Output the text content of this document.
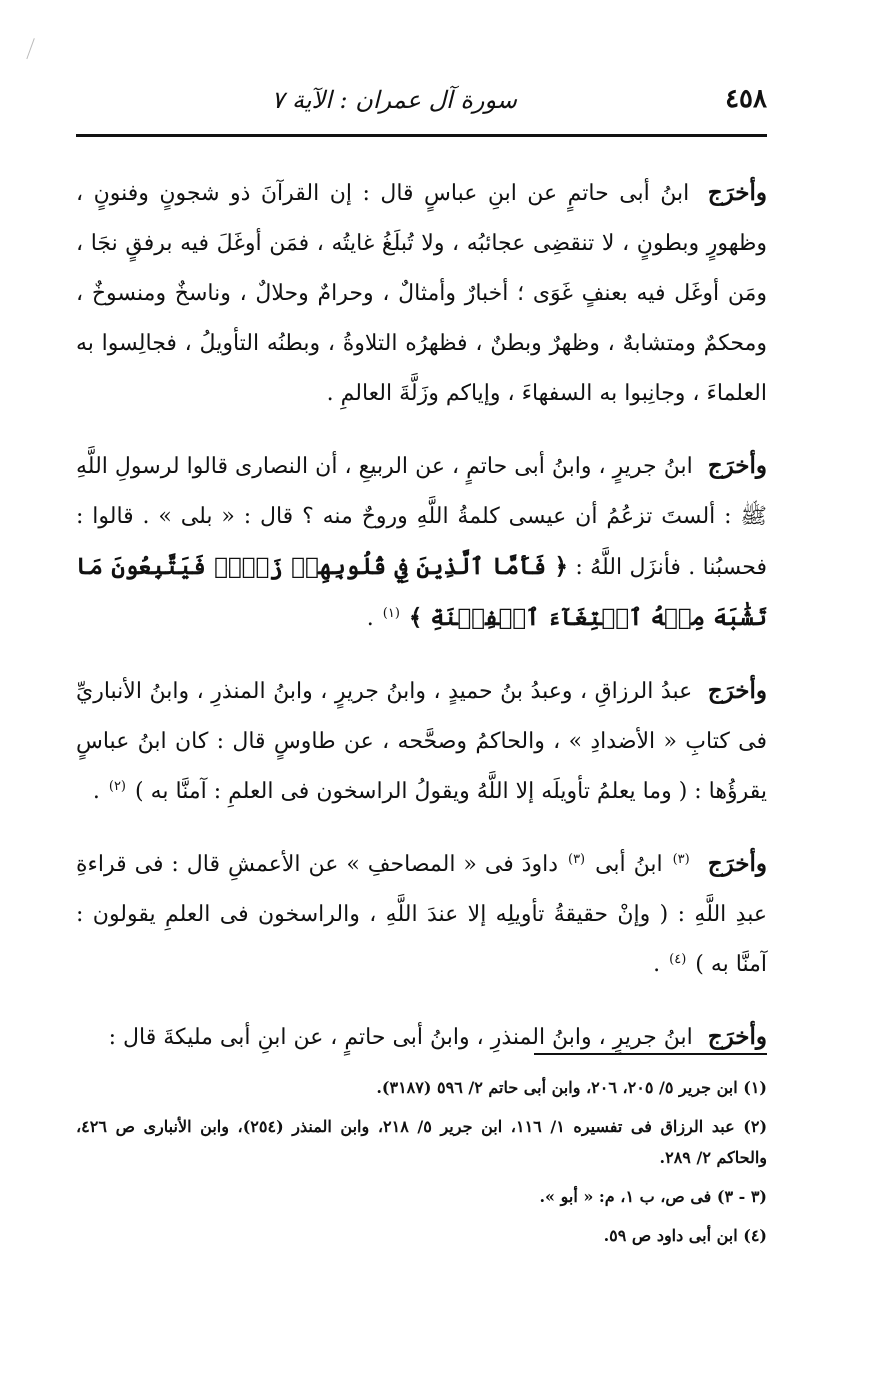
٤٥٨
سورة آل عمران : الآية ٧

وأخرَج ابنُ أبى حاتمٍ عن ابنِ عباسٍ قال : إن القرآنَ ذو شجونٍ وفنونٍ ، وظهورٍ وبطونٍ ، لا تنقضِى عجائبُه ، ولا تُبلَغُ غايتُه ، فمَن أوغَلَ فيه برفقٍ نجَا ، ومَن أوغَل فيه بعنفٍ غَوَى ؛ أخبارٌ وأمثالٌ ، وحرامٌ وحلالٌ ، وناسخٌ ومنسوخٌ ، ومحكمٌ ومتشابهٌ ، وظهرٌ وبطنٌ ، فظهرُه التلاوةُ ، وبطنُه التأويلُ ، فجالِسوا به العلماءَ ، وجانِبوا به السفهاءَ ، وإياكم وزَلَّةَ العالمِ .

وأخرَج ابنُ جريرٍ ، وابنُ أبى حاتمٍ ، عن الربيعِ ، أن النصارى قالوا لرسولِ اللَّهِ ﷺ : ألستَ تزعُمُ أن عيسى كلمةُ اللَّهِ وروحٌ منه ؟ قال : « بلى » . قالوا : فحسبُنا . فأنزَل اللَّهُ : ﴿ فَأَمَّا ٱلَّذِينَ فِي قُلُوبِهِمۡ زَيۡغٞ فَيَتَّبِعُونَ مَا تَشَٰبَهَ مِنۡهُ ٱبۡتِغَآءَ ٱلۡفِتۡنَةِ ﴾ $^{(١)}$ .

وأخرَج عبدُ الرزاقِ ، وعبدُ بنُ حميدٍ ، وابنُ جريرٍ ، وابنُ المنذرِ ، وابنُ الأنباريِّ فى كتابِ « الأضدادِ » ، والحاكمُ وصحَّحه ، عن طاوسٍ قال : كان ابنُ عباسٍ يقرؤُها : ( وما يعلمُ تأويلَه إلا اللَّهُ ويقولُ الراسخون فى العلمِ : آمنَّا به ) $^{(٢)}$ .

وأخرَج $^{(٣)}$ ابنُ أبى $^{(٣)}$ داودَ فى « المصاحفِ » عن الأعمشِ قال : فى قراءةِ عبدِ اللَّهِ : ( وإنْ حقيقةُ تأويلِه إلا عندَ اللَّهِ ، والراسخون فى العلمِ يقولون : آمنَّا به ) $^{(٤)}$ .

وأخرَج ابنُ جريرٍ ، وابنُ المنذرِ ، وابنُ أبى حاتمٍ ، عن ابنِ أبى مليكةَ قال :

(١) ابن جرير ٥/ ٢٠٥، ٢٠٦، وابن أبى حاتم ٢/ ٥٩٦ (٣١٨٧).
(٢) عبد الرزاق فى تفسيره ١/ ١١٦، ابن جرير ٥/ ٢١٨، وابن المنذر (٢٥٤)، وابن الأنبارى ص ٤٢٦، والحاكم ٢/ ٢٨٩.
(٣ - ٣) فى ص، ب ١، م: « أبو ».
(٤) ابن أبى داود ص ٥٩.
